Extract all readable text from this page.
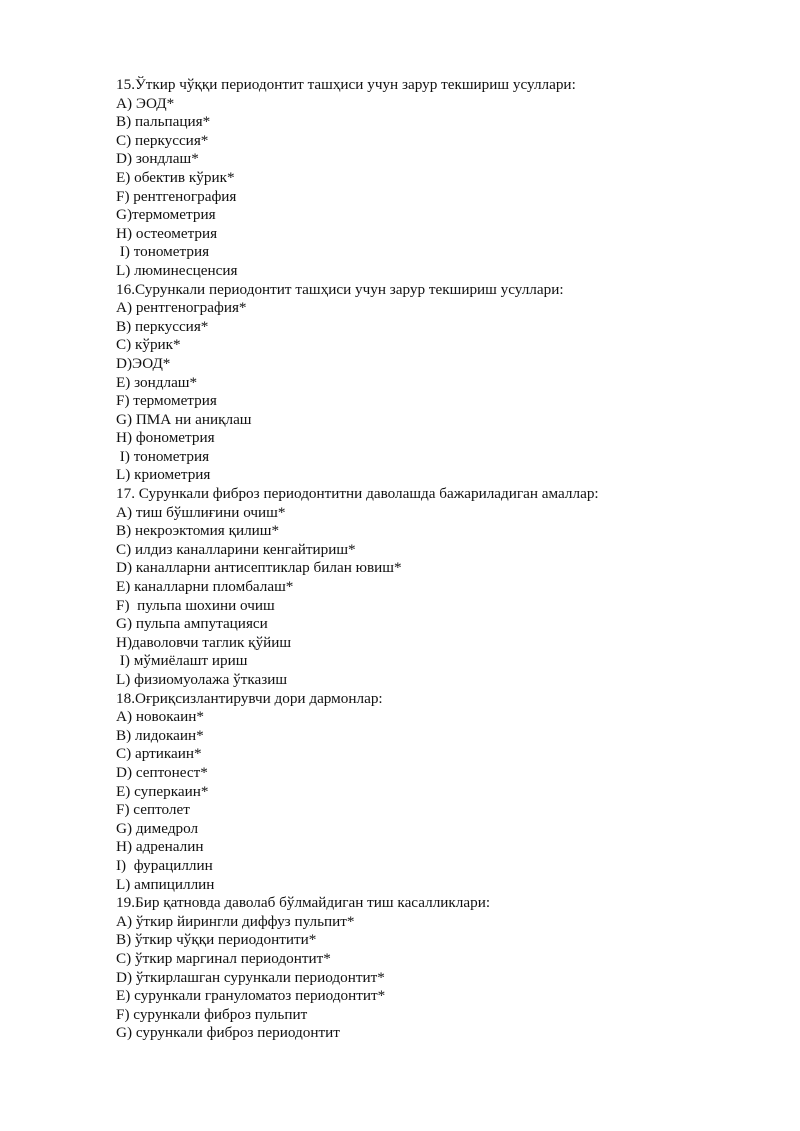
15.Ўткир чўққи периодонтит ташҳиси учун зарур текшириш усуллари:
A) ЭОД*
B) пальпация*
C) перкуссия*
D) зондлаш*
E) обектив кўрик*
F) рентгенография
G)термометрия
H) остеометрия
I) тонометрия
L) люминесценсия
16.Сурункали периодонтит ташҳиси учун зарур текшириш усуллари:
A) рентгенография*
B) перкуссия*
C) кўрик*
D)ЭОД*
E) зондлаш*
F) термометрия
G) ПМА ни аниқлаш
H) фонометрия
I) тонометрия
L) криометрия
17. Сурункали фиброз периодонтитни даволашда бажариладиган амаллар:
A) тиш бўшлиғини очиш*
B) некроэктомия қилиш*
C) илдиз каналларини кенгайтириш*
D) каналларни антисептиклар билан ювиш*
E) каналларни пломбалаш*
F)  пульпа шохини очиш
G) пульпа ампутацияси
H)даволовчи таглик қўйиш
I) мўмиёлашт ириш
L) физиомуолажа ўтказиш
18.Оғриқсизлантирувчи дори дармонлар:
A) новокаин*
B) лидокаин*
C) артикаин*
D) септонест*
E) суперкаин*
F) септолет
G) димедрол
H) адреналин
I)  фурациллин
L) ампициллин
19.Бир қатновда даволаб бўлмайдиган тиш касалликлари:
A) ўткир йирингли диффуз пульпит*
B) ўткир чўққи периодонтити*
C) ўткир маргинал периодонтит*
D) ўткирлашган сурункали периодонтит*
E) сурункали грануломатоз периодонтит*
F) сурункали фиброз пульпит
G) сурункали фиброз периодонтит
